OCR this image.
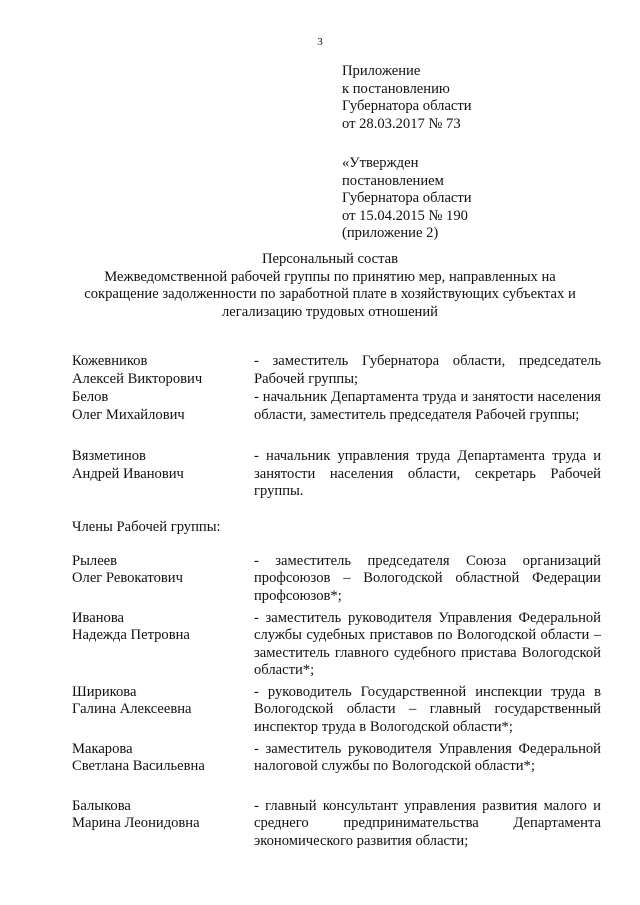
3

Приложение

к постановлению

Губернатора области

от 28.03.2017 № 73

«Утвержден

постановлением

Губернатора области

от 15.04.2015 № 190

(приложение 2)

Персональный состав

Межведомственной рабочей группы по принятию мер, направленных на

сокращение задолженности по заработной плате в хозяйствующих субъектах и

легализацию трудовых отношений

Кожевников

Алексей Викторович

- заместитель Губернатора области, председатель Рабочей группы;

Белов

Олег Михайлович

- начальник Департамента труда и занятости населения области, заместитель председателя Рабочей группы;

Вязметинов

Андрей Иванович

- начальник управления труда Департамента труда и занятости населения области, секретарь Рабочей группы.

Члены Рабочей группы:

Рылеев

Олег Ревокатович

- заместитель председателя Союза организаций профсоюзов – Вологодской областной Федерации профсоюзов*;

Иванова

Надежда Петровна

- заместитель руководителя Управления Федеральной службы судебных приставов по Вологодской области – заместитель главного судебного пристава Вологодской области*;

Ширикова

Галина Алексеевна

- руководитель Государственной инспекции труда в Вологодской области – главный государственный инспектор труда в Вологодской области*;

Макарова

Светлана Васильевна

- заместитель руководителя Управления Федеральной налоговой службы по Вологодской области*;

Балыкова

Марина Леонидовна

- главный консультант управления развития малого и среднего предпринимательства Департамента экономического развития области;
